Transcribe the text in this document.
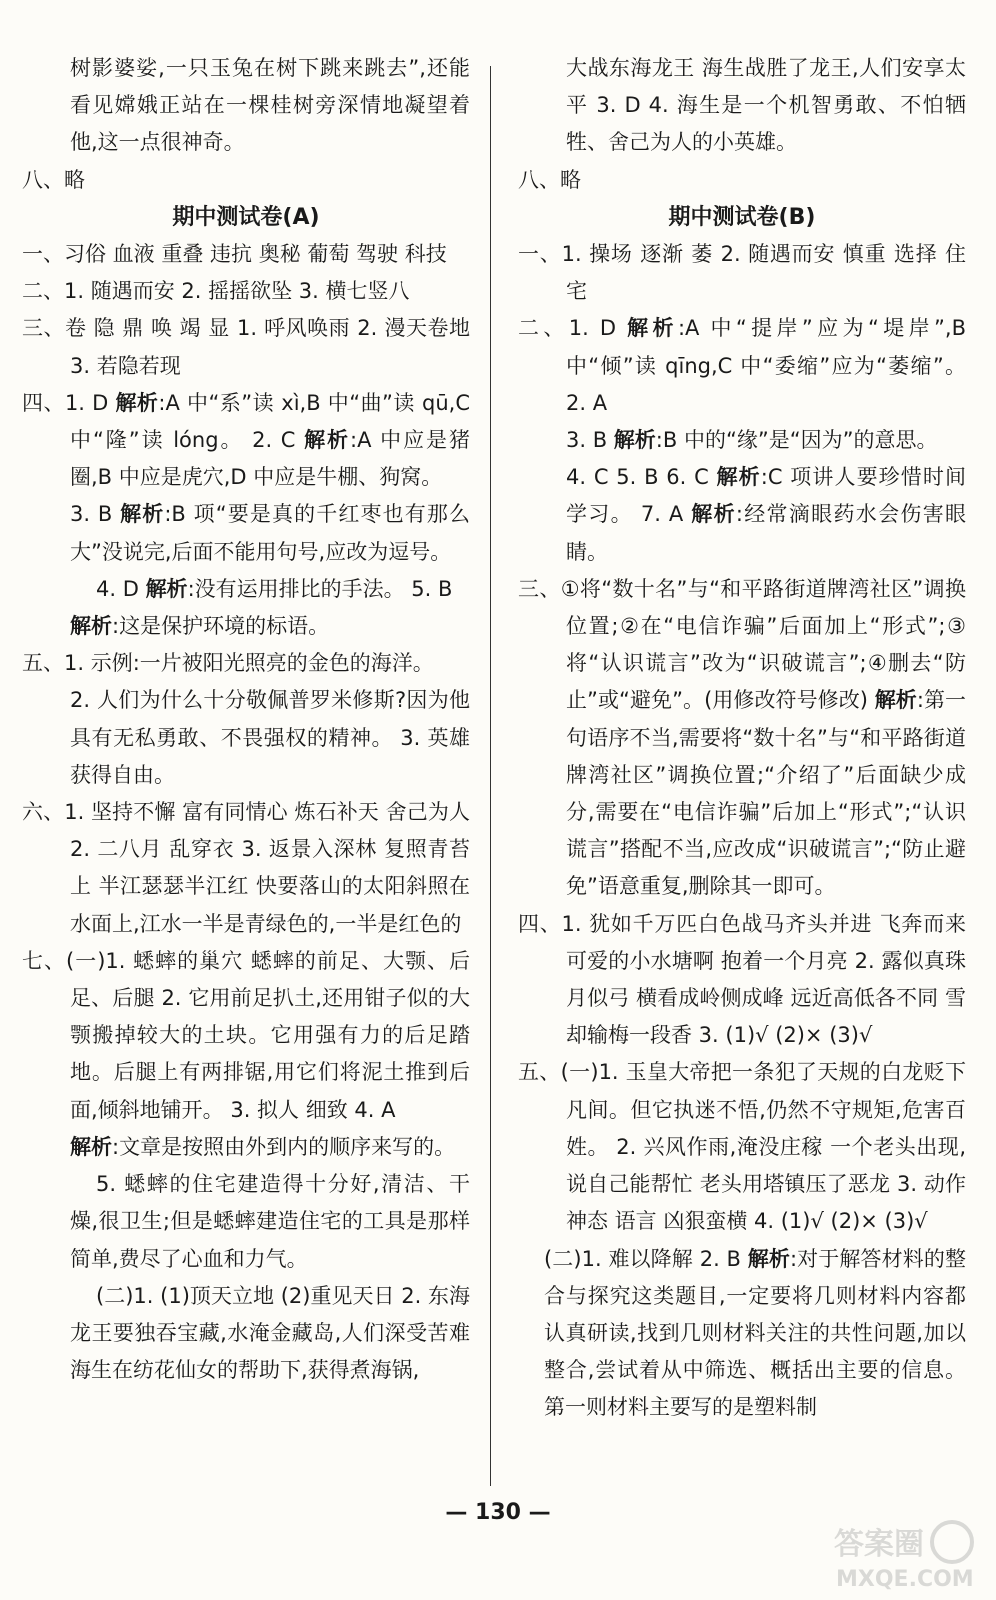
树影婆娑,一只玉兔在树下跳来跳去”,还能看见嫦娥正站在一棵桂树旁深情地凝望着他,这一点很神奇。

八、略

期中测试卷(A)

一、习俗 血液 重叠 违抗 奥秘 葡萄 驾驶 科技

二、1. 随遇而安 2. 摇摇欲坠 3. 横七竖八

三、卷 隐 鼎 唤 竭 显 1. 呼风唤雨 2. 漫天卷地 3. 若隐若现

四、1. D 解析:A 中“系”读 xì,B 中“曲”读 qū,C 中“隆”读 lóng。 2. C 解析:A 中应是猪圈,B 中应是虎穴,D 中应是牛棚、狗窝。

3. B 解析:B 项“要是真的千红枣也有那么大”没说完,后面不能用句号,应改为逗号。

4. D 解析:没有运用排比的手法。 5. B

解析:这是保护环境的标语。

五、1. 示例:一片被阳光照亮的金色的海洋。

2. 人们为什么十分敬佩普罗米修斯?因为他具有无私勇敢、不畏强权的精神。 3. 英雄获得自由。

六、1. 坚持不懈 富有同情心 炼石补天 舍己为人 2. 二八月 乱穿衣 3. 返景入深林 复照青苔上 半江瑟瑟半江红 快要落山的太阳斜照在水面上,江水一半是青绿色的,一半是红色的

七、(一)1. 蟋蟀的巢穴 蟋蟀的前足、大颚、后足、后腿 2. 它用前足扒土,还用钳子似的大颚搬掉较大的土块。它用强有力的后足踏地。后腿上有两排锯,用它们将泥土推到后面,倾斜地铺开。 3. 拟人 细致 4. A

解析:文章是按照由外到内的顺序来写的。

5. 蟋蟀的住宅建造得十分好,清洁、干燥,很卫生;但是蟋蟀建造住宅的工具是那样简单,费尽了心血和力气。

(二)1. (1)顶天立地 (2)重见天日 2. 东海龙王要独吞宝藏,水淹金藏岛,人们深受苦难 海生在纺花仙女的帮助下,获得煮海锅,

大战东海龙王 海生战胜了龙王,人们安享太平 3. D 4. 海生是一个机智勇敢、不怕牺牲、舍己为人的小英雄。

八、略

期中测试卷(B)

一、1. 操场 逐渐 萎 2. 随遇而安 慎重 选择 住宅

二、1. D 解析:A 中“提岸”应为“堤岸”,B 中“倾”读 qīng,C 中“委缩”应为“萎缩”。 2. A

3. B 解析:B 中的“缘”是“因为”的意思。

4. C 5. B 6. C 解析:C 项讲人要珍惜时间学习。 7. A 解析:经常滴眼药水会伤害眼睛。

三、①将“数十名”与“和平路街道牌湾社区”调换位置;②在“电信诈骗”后面加上“形式”;③将“认识谎言”改为“识破谎言”;④删去“防止”或“避免”。(用修改符号修改) 解析:第一句语序不当,需要将“数十名”与“和平路街道牌湾社区”调换位置;“介绍了”后面缺少成分,需要在“电信诈骗”后加上“形式”;“认识谎言”搭配不当,应改成“识破谎言”;“防止避免”语意重复,删除其一即可。

四、1. 犹如千万匹白色战马齐头并进 飞奔而来 可爱的小水塘啊 抱着一个月亮 2. 露似真珠月似弓 横看成岭侧成峰 远近高低各不同 雪却输梅一段香 3. (1)√ (2)× (3)√

五、(一)1. 玉皇大帝把一条犯了天规的白龙贬下凡间。但它执迷不悟,仍然不守规矩,危害百姓。 2. 兴风作雨,淹没庄稼 一个老头出现,说自己能帮忙 老头用塔镇压了恶龙 3. 动作 神态 语言 凶狠蛮横 4. (1)√ (2)× (3)√

(二)1. 难以降解 2. B 解析:对于解答材料的整合与探究这类题目,一定要将几则材料内容都认真研读,找到几则材料关注的共性问题,加以整合,尝试着从中筛选、概括出主要的信息。第一则材料主要写的是塑料制

— 130 —
答案圈
MXQE.COM
